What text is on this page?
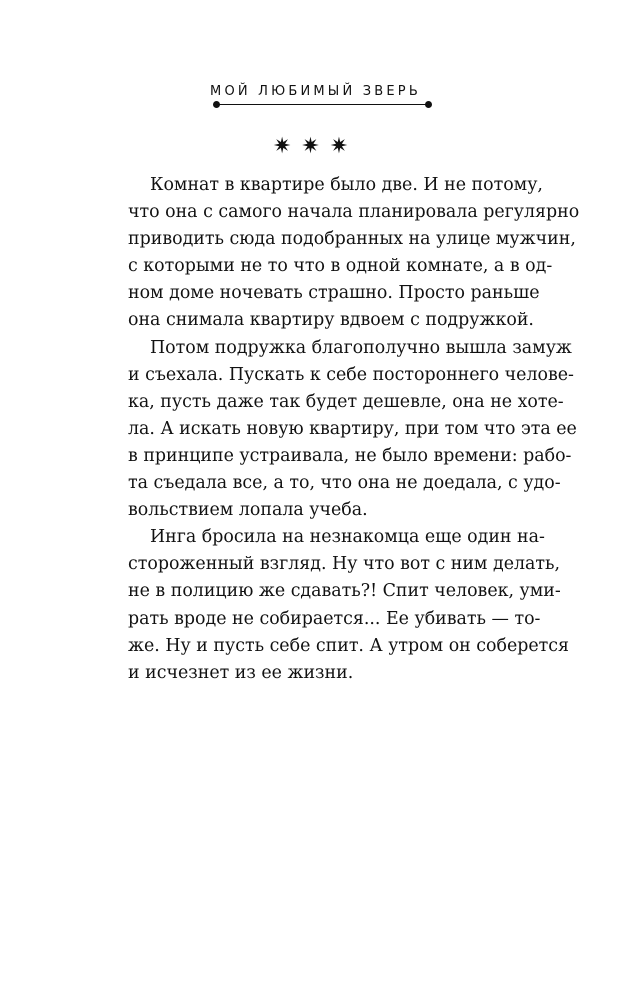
МОЙ ЛЮБИМЫЙ ЗВЕРЬ
✷✷✷

Комнат в квартире было две. И не потому,
что она с самого начала планировала регулярно
приводить сюда подобранных на улице мужчин,
с которыми не то что в одной комнате, а в од-
ном доме ночевать страшно. Просто раньше
она снимала квартиру вдвоем с подружкой.

Потом подружка благополучно вышла замуж
и съехала. Пускать к себе постороннего челове-
ка, пусть даже так будет дешевле, она не хоте-
ла. А искать новую квартиру, при том что эта ее
в принципе устраивала, не было времени: рабо-
та съедала все, а то, что она не доедала, с удо-
вольствием лопала учеба.

Инга бросила на незнакомца еще один на-
стороженный взгляд. Ну что вот с ним делать,
не в полицию же сдавать?! Спит человек, уми-
рать вроде не собирается... Ее убивать — то-
же. Ну и пусть себе спит. А утром он соберется
и исчезнет из ее жизни.
